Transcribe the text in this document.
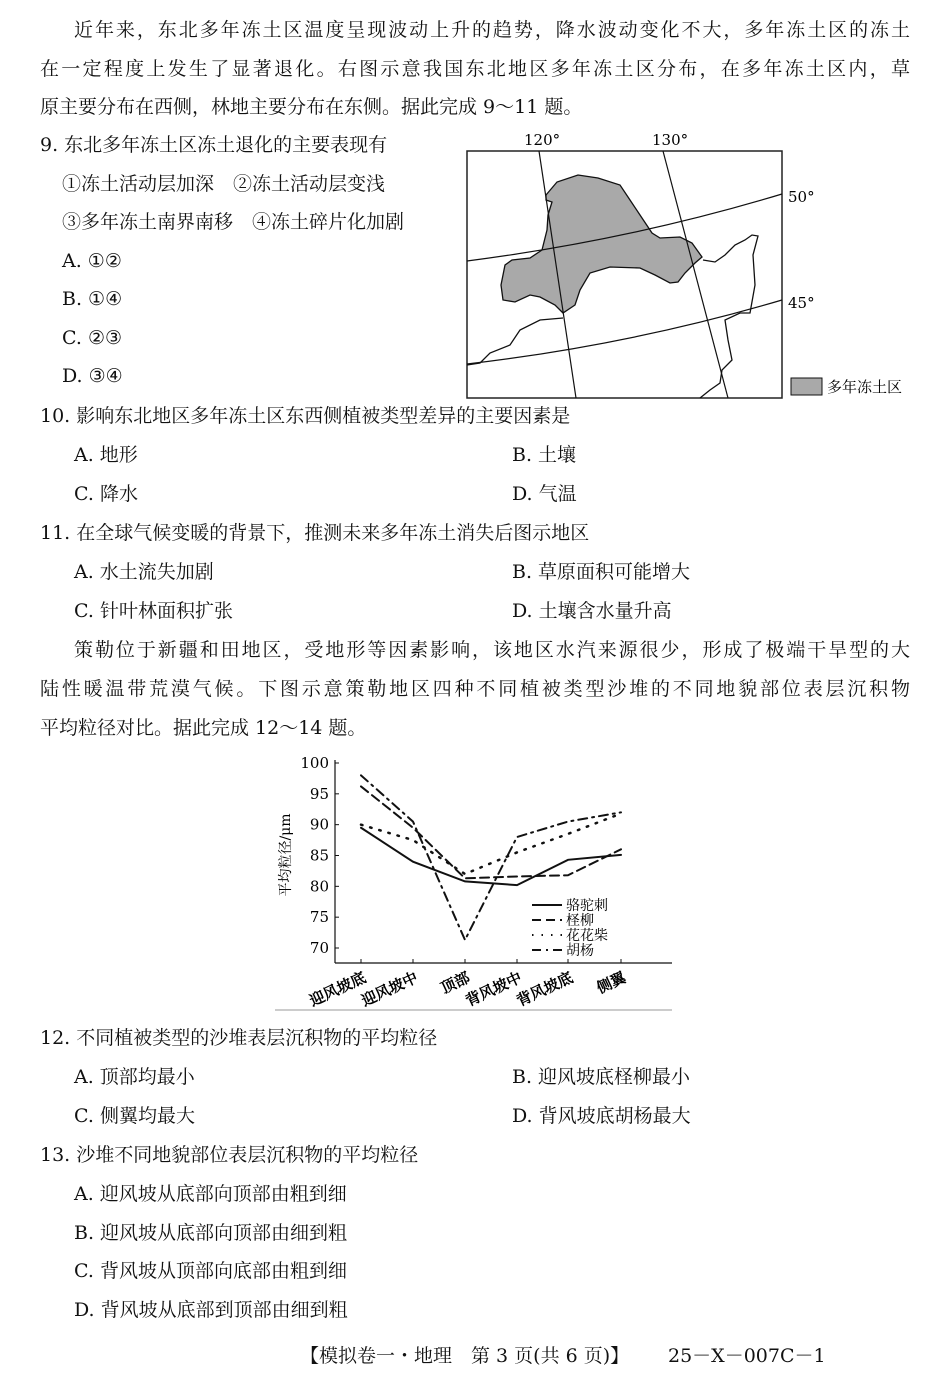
近年来，东北多年冻土区温度呈现波动上升的趋势，降水波动变化不大，多年冻土区的冻土
在一定程度上发生了显著退化。右图示意我国东北地区多年冻土区分布，在多年冻土区内，草
原主要分布在西侧，林地主要分布在东侧。据此完成 9～11 题。
9. 东北多年冻土区冻土退化的主要表现有
①冻土活动层加深　②冻土活动层变浅
③多年冻土南界南移　④冻土碎片化加剧
A. ①②
B. ①④
C. ②③
D. ③④
120°	130°
50°
45°
多年冻土区
10. 影响东北地区多年冻土区东西侧植被类型差异的主要因素是
A. 地形	B. 土壤
C. 降水	D. 气温
11. 在全球气候变暖的背景下，推测未来多年冻土消失后图示地区
A. 水土流失加剧	B. 草原面积可能增大
C. 针叶林面积扩张	D. 土壤含水量升高
策勒位于新疆和田地区，受地形等因素影响，该地区水汽来源很少，形成了极端干旱型的大
陆性暖温带荒漠气候。下图示意策勒地区四种不同植被类型沙堆的不同地貌部位表层沉积物
平均粒径对比。据此完成 12～14 题。
100
95
90
85
80
75
70
迎风坡底
迎风坡中 顶部
背风坡中
背风坡底 侧翼
平均粒径/μm
骆驼刺
柽柳
花花柴
胡杨
12. 不同植被类型的沙堆表层沉积物的平均粒径
A. 顶部均最小	B. 迎风坡底柽柳最小
C. 侧翼均最大	D. 背风坡底胡杨最大
13. 沙堆不同地貌部位表层沉积物的平均粒径
A. 迎风坡从底部向顶部由粗到细
B. 迎风坡从底部向顶部由细到粗
C. 背风坡从顶部向底部由粗到细
D. 背风坡从底部到顶部由细到粗
【模拟卷一・地理　第 3 页(共 6 页)】 25－X－007C－1
